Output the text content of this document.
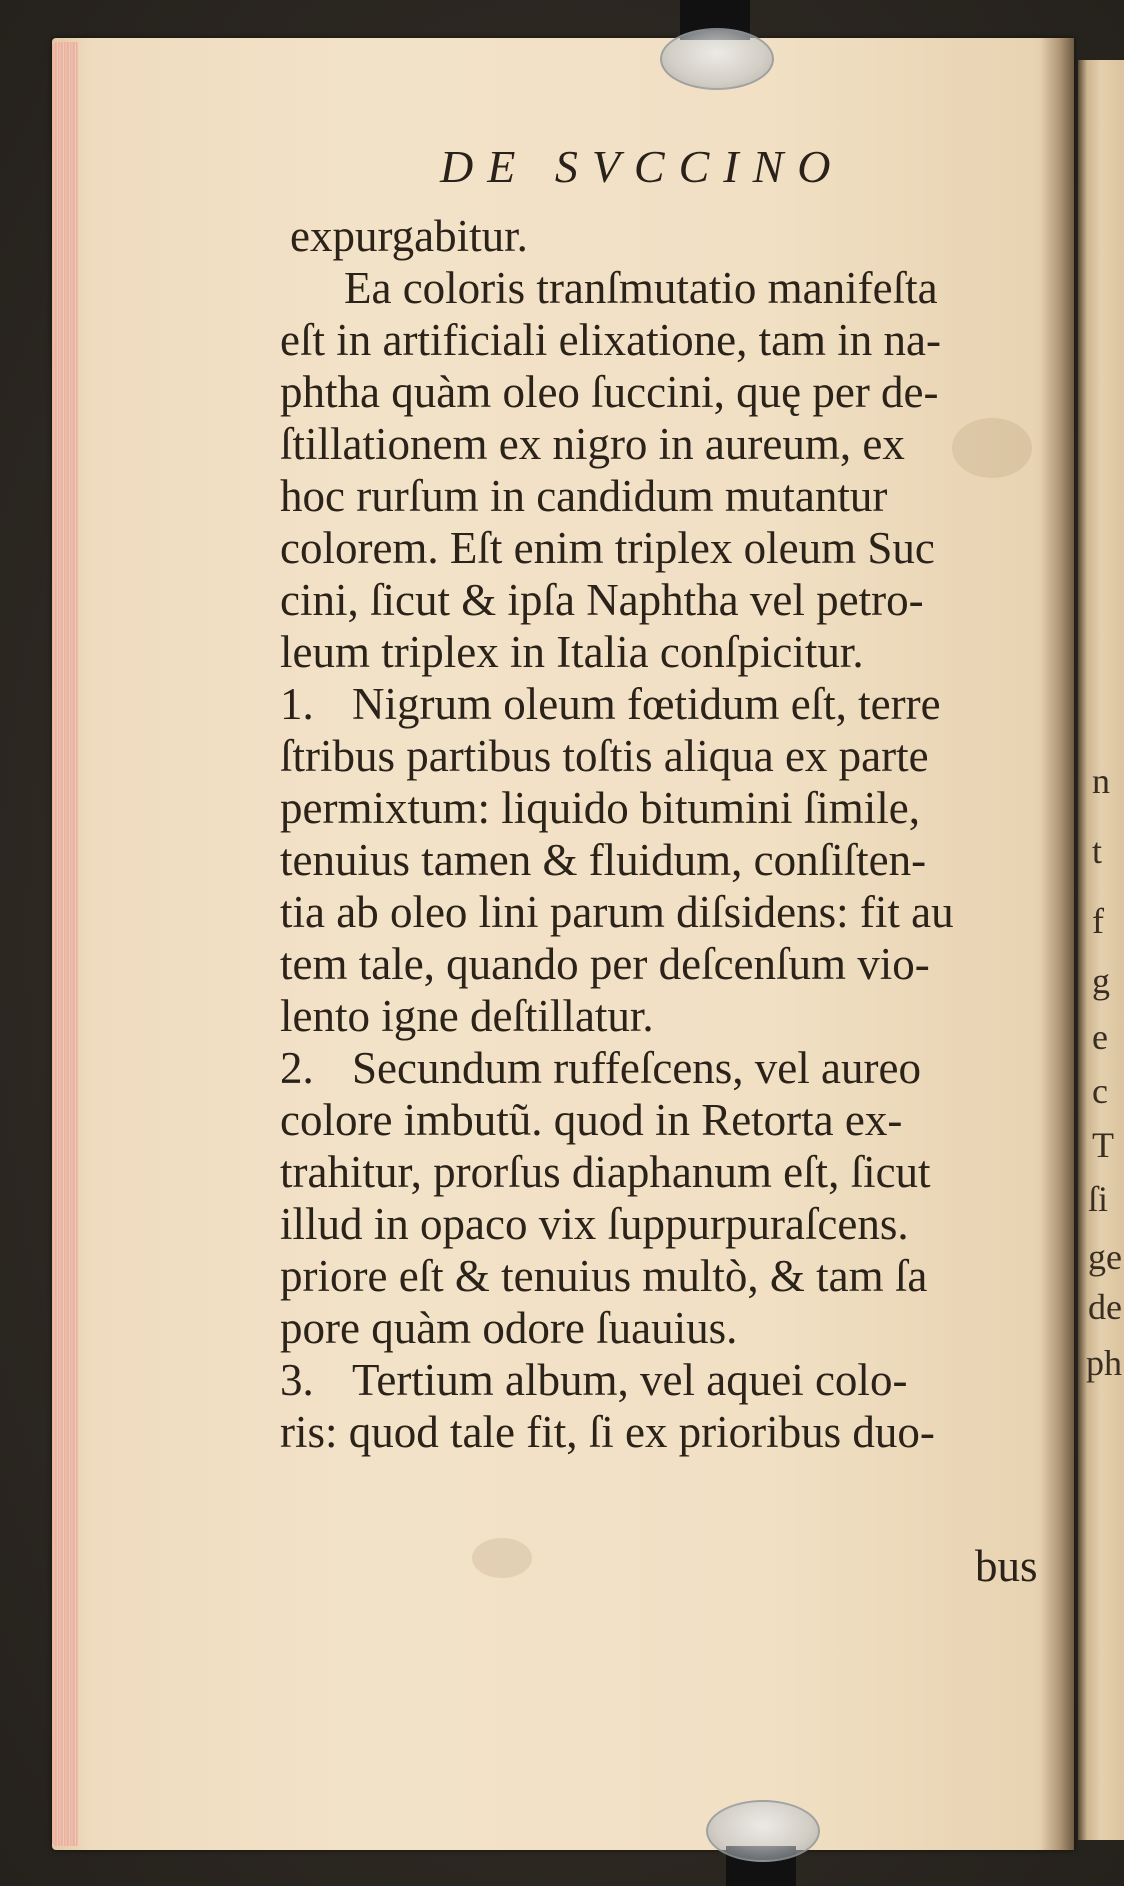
n
t
f
g
e
c
T
ſi
ge
de
ph
DE SVCCINO
expurgabitur.
Ea coloris tranſmutatio manifeſta
eſt in artificiali elixatione, tam in na-
phtha quàm oleo ſuccini, quę per de-
ſtillationem ex nigro in aureum, ex
hoc rurſum in candidum mutantur
colorem. Eſt enim triplex oleum Suc
cini, ſicut & ipſa Naphtha vel petro-
leum triplex in Italia conſpicitur.
1. Nigrum oleum fœtidum eſt, terre
ſtribus partibus toſtis aliqua ex parte
permixtum: liquido bitumini ſimile,
tenuius tamen & fluidum, conſiſten-
tia ab oleo lini parum diſsidens: fit au
tem tale, quando per deſcenſum vio-
lento igne deſtillatur.
2. Secundum ruffeſcens, vel aureo
colore imbutũ. quod in Retorta ex-
trahitur, prorſus diaphanum eſt, ſicut
illud in opaco vix ſuppurpuraſcens.
priore eſt & tenuius multò, & tam ſa
pore quàm odore ſuauius.
3. Tertium album, vel aquei colo-
ris: quod tale fit, ſi ex prioribus duo-
bus
